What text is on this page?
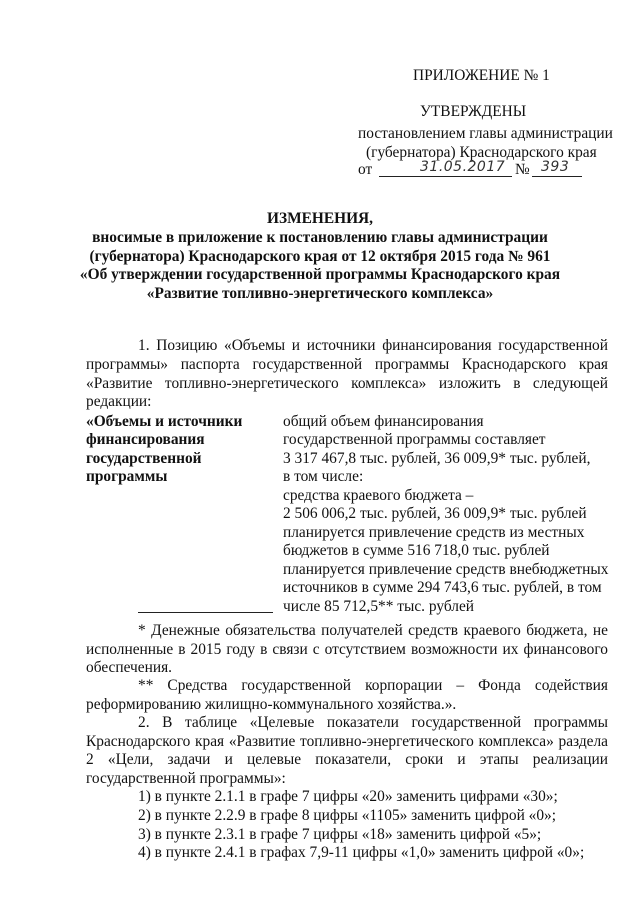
ПРИЛОЖЕНИЕ № 1
УТВЕРЖДЕНЫ
постановлением главы администрации
(губернатора) Краснодарского края
от	31.05.2017 № 393
ИЗМЕНЕНИЯ,
вносимые в приложение к постановлению главы администрации
(губернатора) Краснодарского края от 12 октября 2015 года № 961
«Об утверждении государственной программы Краснодарского края
«Развитие топливно-энергетического комплекса»
1. Позицию «Объемы и источники финансирования государственной
программы» паспорта государственной программы Краснодарского края
«Развитие топливно-энергетического комплекса» изложить в следующей
редакции:
«Объемы и источники
финансирования
государственной
программы
общий объем финансирования
государственной программы составляет
3 317 467,8 тыс. рублей, 36 009,9* тыс. рублей,
в том числе:
средства краевого бюджета –
2 506 006,2 тыс. рублей, 36 009,9* тыс. рублей
планируется привлечение средств из местных
бюджетов в сумме 516 718,0 тыс. рублей
планируется привлечение средств внебюджетных
источников в сумме 294 743,6 тыс. рублей, в том
числе 85 712,5** тыс. рублей
* Денежные обязательства получателей средств краевого бюджета, не
исполненные в 2015 году в связи с отсутствием возможности их финансового
обеспечения.
** Средства государственной корпорации – Фонда содействия
реформированию жилищно-коммунального хозяйства.».
2. В таблице «Целевые показатели государственной программы
Краснодарского края «Развитие топливно-энергетического комплекса» раздела
2 «Цели, задачи и целевые показатели, сроки и этапы реализации
государственной программы»:
1) в пункте 2.1.1 в графе 7 цифры «20» заменить цифрами «30»;
2) в пункте 2.2.9 в графе 8 цифры «1105» заменить цифрой «0»;
3) в пункте 2.3.1 в графе 7 цифры «18» заменить цифрой «5»;
4) в пункте 2.4.1 в графах 7,9-11 цифры «1,0» заменить цифрой «0»;
